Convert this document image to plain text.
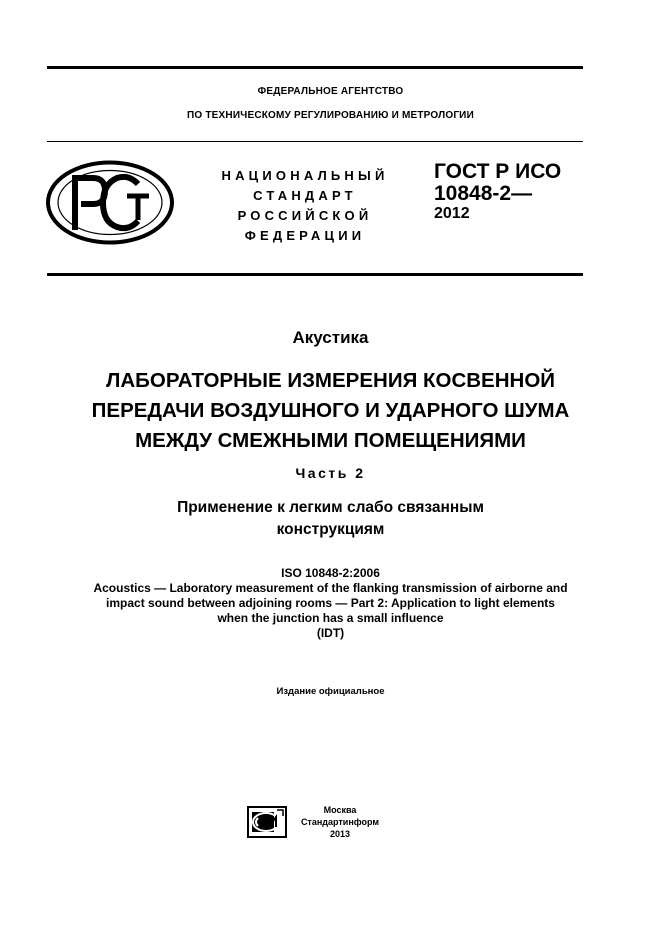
ФЕДЕРАЛЬНОЕ АГЕНТСТВО
ПО ТЕХНИЧЕСКОМУ РЕГУЛИРОВАНИЮ И МЕТРОЛОГИИ
НАЦИОНАЛЬНЫЙ
СТАНДАРТ
РОССИЙСКОЙ
ФЕДЕРАЦИИ
ГОСТ Р ИСО
10848-2—
2012
Акустика
ЛАБОРАТОРНЫЕ ИЗМЕРЕНИЯ КОСВЕННОЙ
ПЕРЕДАЧИ ВОЗДУШНОГО И УДАРНОГО ШУМА
МЕЖДУ СМЕЖНЫМИ ПОМЕЩЕНИЯМИ
Часть 2
Применение к легким слабо связанным
конструкциям
ISO 10848-2:2006
Acoustics — Laboratory measurement of the flanking transmission of airborne and
impact sound between adjoining rooms — Part 2: Application to light elements
when the junction has a small influence
(IDT)
Издание официальное
Москва
Стандартинформ
2013
